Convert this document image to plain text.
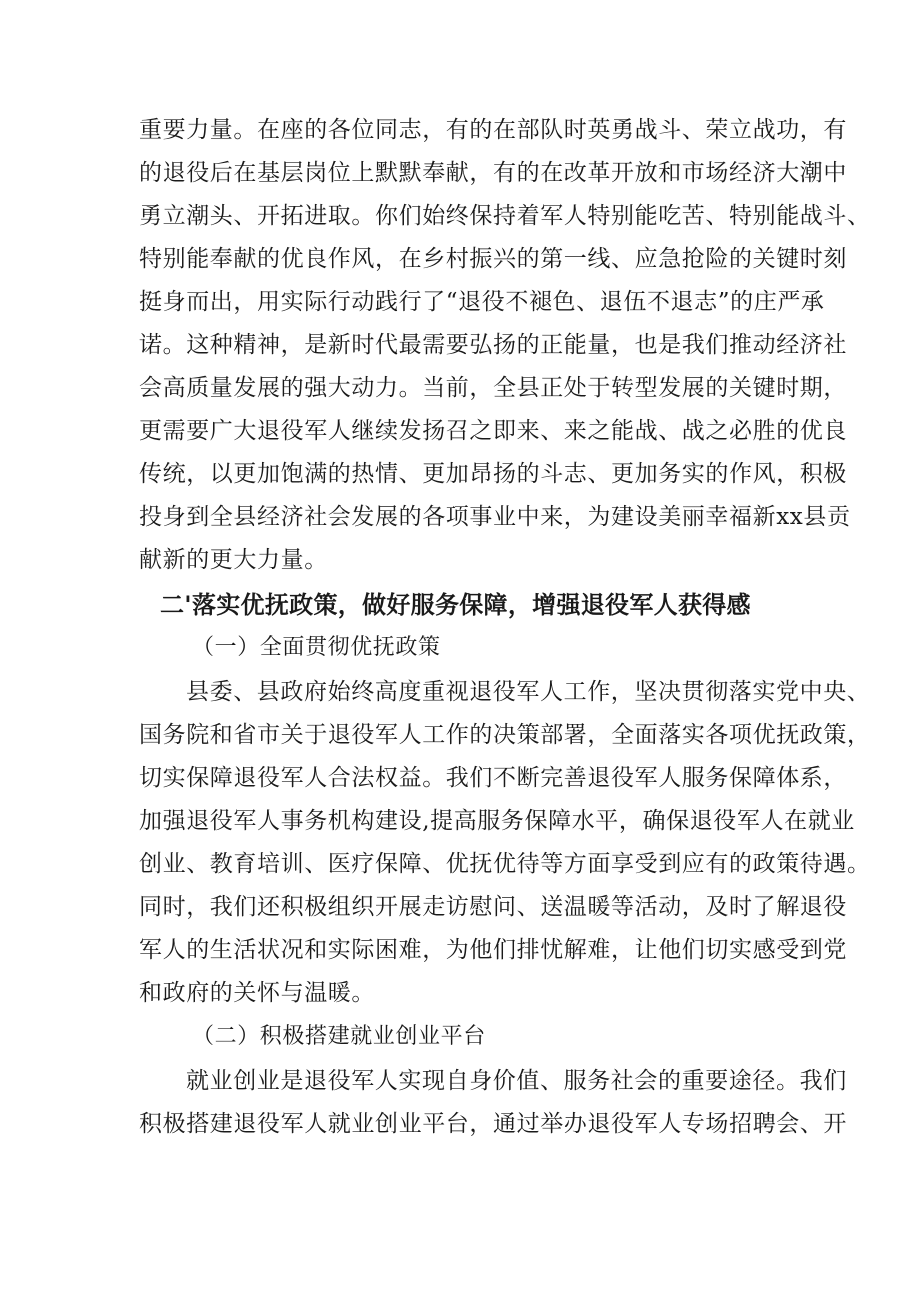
重要力量。在座的各位同志，有的在部队时英勇战斗、荣立战功，有
的退役后在基层岗位上默默奉献，有的在改革开放和市场经济大潮中
勇立潮头、开拓进取。你们始终保持着军人特别能吃苦、特别能战斗、
特别能奉献的优良作风，在乡村振兴的第一线、应急抢险的关键时刻
挺身而出，用实际行动践行了“退役不褪色、退伍不退志”的庄严承
诺。这种精神，是新时代最需要弘扬的正能量，也是我们推动经济社
会高质量发展的强大动力。当前，全县正处于转型发展的关键时期，
更需要广大退役军人继续发扬召之即来、来之能战、战之必胜的优良
传统，以更加饱满的热情、更加昂扬的斗志、更加务实的作风，积极
投身到全县经济社会发展的各项事业中来，为建设美丽幸福新xx县贡
献新的更大力量。
二'落实优抚政策，做好服务保障，增强退役军人获得感
（一）全面贯彻优抚政策
县委、县政府始终高度重视退役军人工作，坚决贯彻落实党中央、
国务院和省市关于退役军人工作的决策部署，全面落实各项优抚政策，
切实保障退役军人合法权益。我们不断完善退役军人服务保障体系，
加强退役军人事务机构建设,提高服务保障水平，确保退役军人在就业
创业、教育培训、医疗保障、优抚优待等方面享受到应有的政策待遇。
同时，我们还积极组织开展走访慰问、送温暖等活动，及时了解退役
军人的生活状况和实际困难，为他们排忧解难，让他们切实感受到党
和政府的关怀与温暖。
（二）积极搭建就业创业平台
就业创业是退役军人实现自身价值、服务社会的重要途径。我们
积极搭建退役军人就业创业平台，通过举办退役军人专场招聘会、开
